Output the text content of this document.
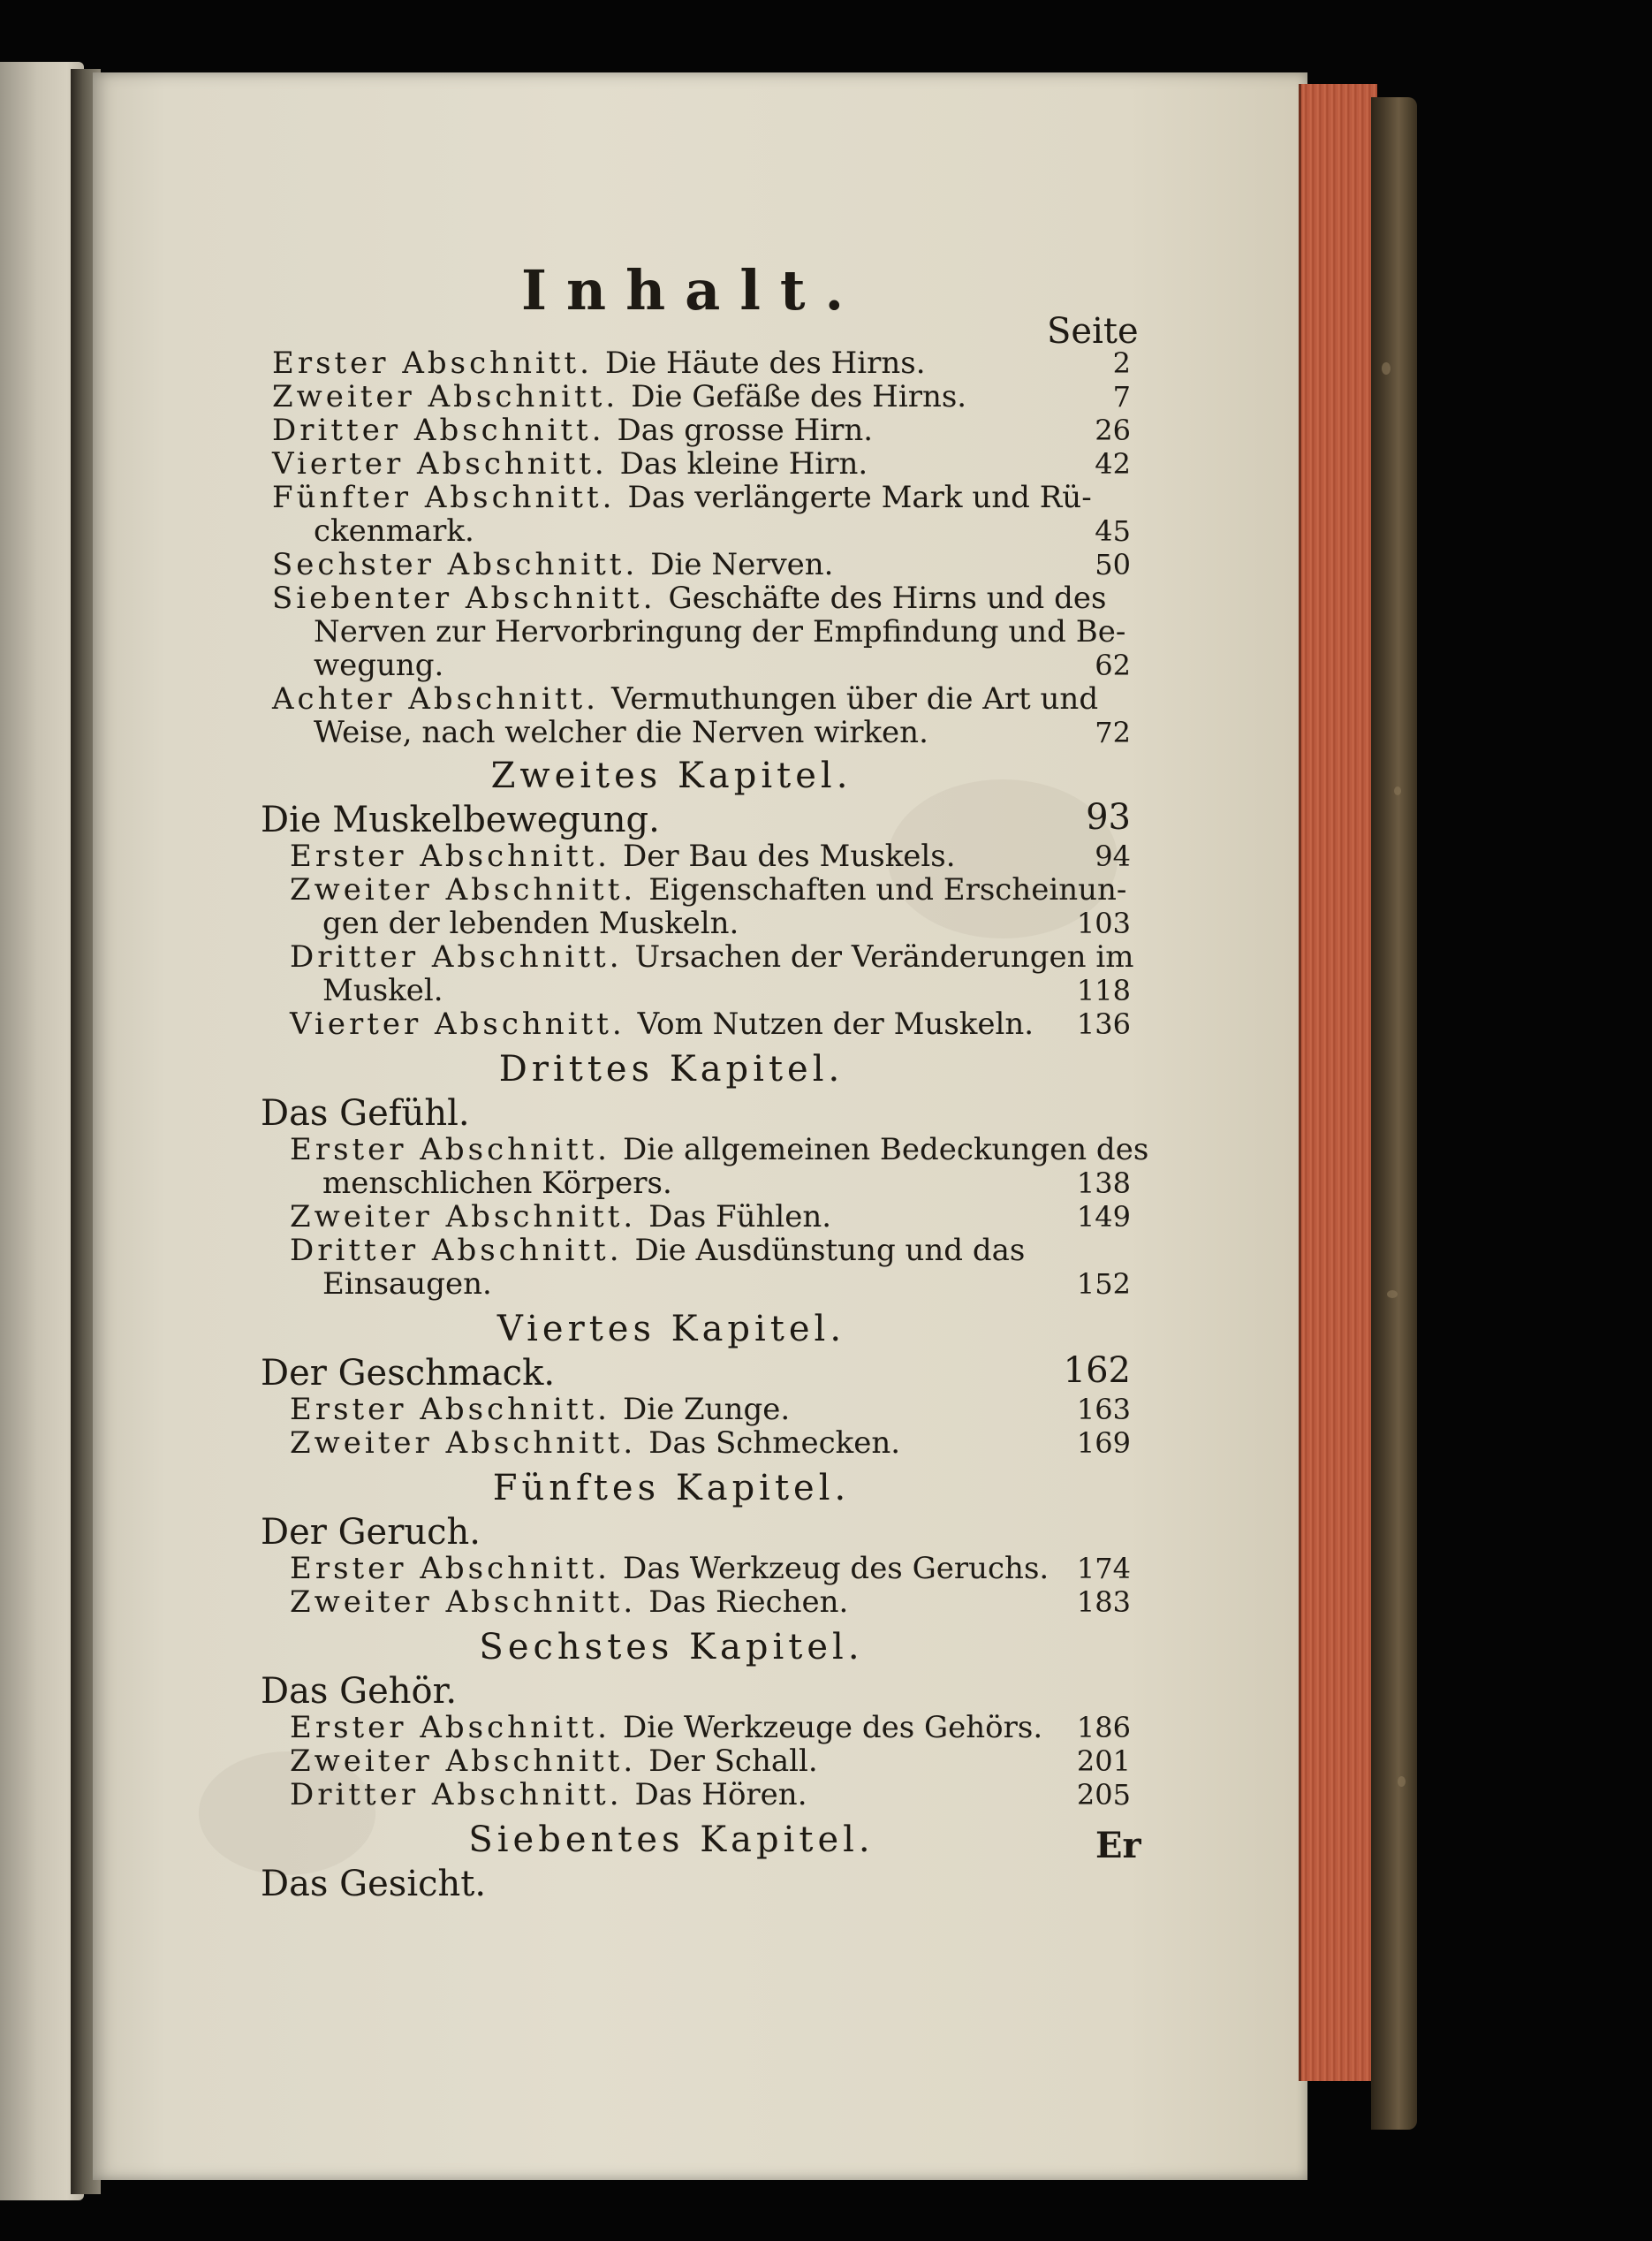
Inhalt.
Seite
Er
Erster Abschnitt. Die Häute des Hirns.	2
Zweiter Abschnitt. Die Gefäße des Hirns.	7
Dritter Abschnitt. Das grosse Hirn.	26
Vierter Abschnitt. Das kleine Hirn.	42
Fünfter Abschnitt. Das verlängerte Mark und Rü-
ckenmark.	45
Sechster Abschnitt. Die Nerven.	50
Siebenter Abschnitt. Geschäfte des Hirns und des
Nerven zur Hervorbringung der Empfindung und Be-
wegung.	62
Achter Abschnitt. Vermuthungen über die Art und
Weise, nach welcher die Nerven wirken.	72
Zweites Kapitel.
Die Muskelbewegung.	93
Erster Abschnitt. Der Bau des Muskels.	94
Zweiter Abschnitt. Eigenschaften und Erscheinun-
gen der lebenden Muskeln.	103
Dritter Abschnitt. Ursachen der Veränderungen im
Muskel.	118
Vierter Abschnitt. Vom Nutzen der Muskeln.	136
Drittes Kapitel.
Das Gefühl.
Erster Abschnitt. Die allgemeinen Bedeckungen des
menschlichen Körpers.	138
Zweiter Abschnitt. Das Fühlen.	149
Dritter Abschnitt. Die Ausdünstung und das
Einsaugen.	152
Viertes Kapitel.
Der Geschmack.	162
Erster Abschnitt. Die Zunge.	163
Zweiter Abschnitt. Das Schmecken.	169
Fünftes Kapitel.
Der Geruch.
Erster Abschnitt. Das Werkzeug des Geruchs. 174
Zweiter Abschnitt. Das Riechen.	183
Sechstes Kapitel.
Das Gehör.
Erster Abschnitt. Die Werkzeuge des Gehörs.	186
Zweiter Abschnitt. Der Schall.	201
Dritter Abschnitt. Das Hören.	205
Siebentes Kapitel.
Das Gesicht.
